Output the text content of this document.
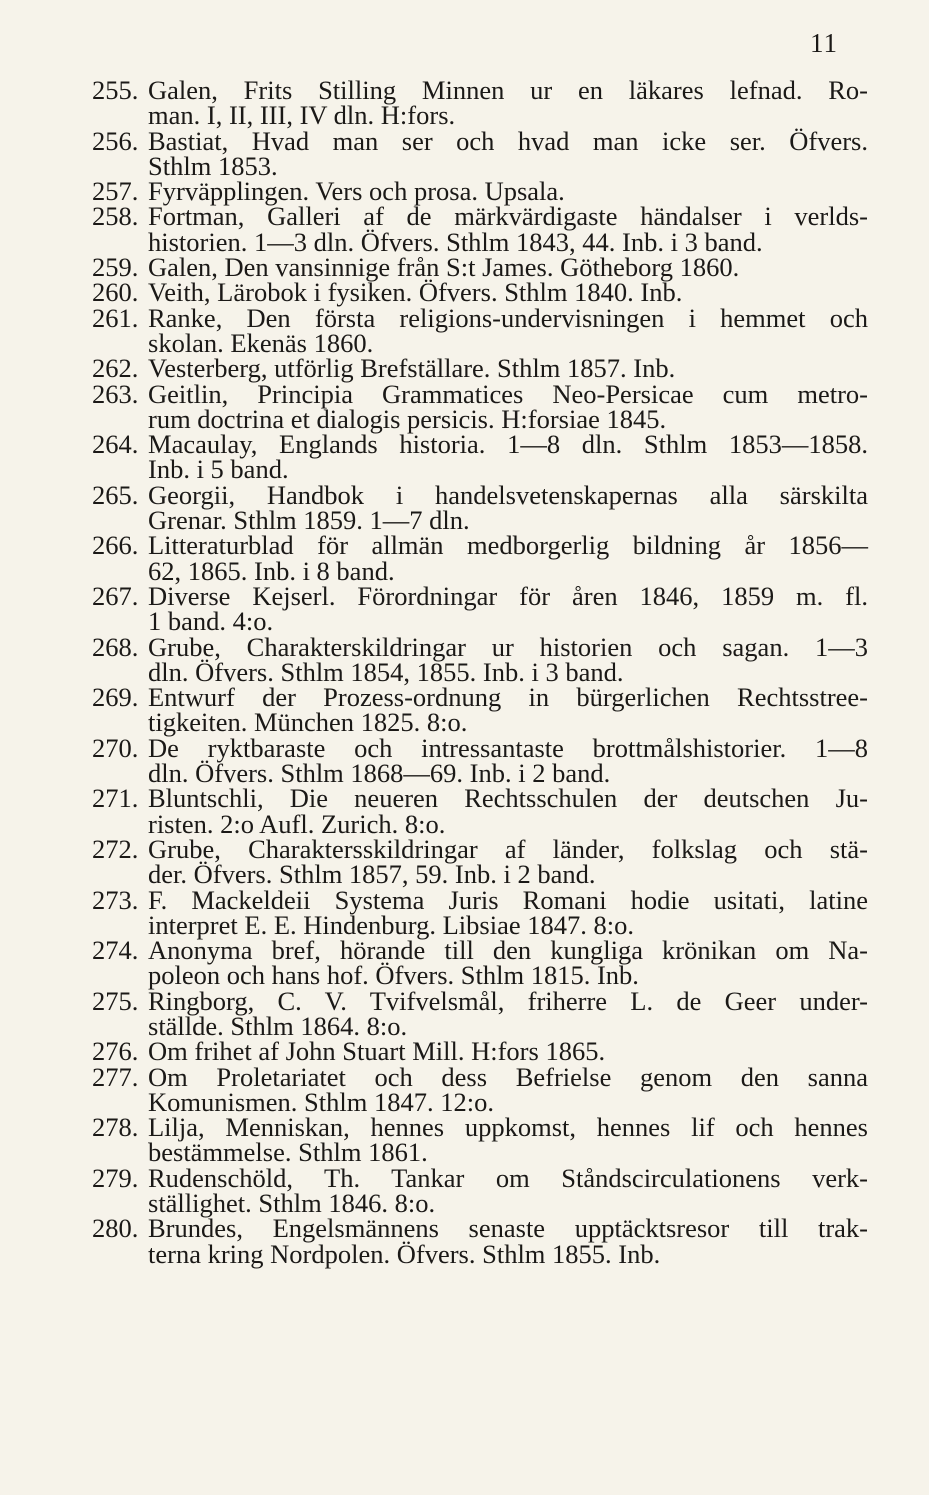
11
255. Galen, Frits Stilling Minnen ur en läkares lefnad. Ro-
man. I, II, III, IV dln. H:fors.
256. Bastiat, Hvad man ser och hvad man icke ser. Öfvers.
Sthlm 1853.
257. Fyrväpplingen. Vers och prosa. Upsala.
258. Fortman, Galleri af de märkvärdigaste händalser i verlds-
historien. 1—3 dln. Öfvers. Sthlm 1843, 44. Inb. i 3 band.
259. Galen, Den vansinnige från S:t James. Götheborg 1860.
260. Veith, Lärobok i fysiken. Öfvers. Sthlm 1840. Inb.
261. Ranke, Den första religions-undervisningen i hemmet och
skolan. Ekenäs 1860.
262. Vesterberg, utförlig Brefställare. Sthlm 1857. Inb.
263. Geitlin, Principia Grammatices Neo-Persicae cum metro-
rum doctrina et dialogis persicis. H:forsiae 1845.
264. Macaulay, Englands historia. 1—8 dln. Sthlm 1853—1858.
Inb. i 5 band.
265. Georgii, Handbok i handelsvetenskapernas alla särskilta
Grenar. Sthlm 1859. 1—7 dln.
266. Litteraturblad för allmän medborgerlig bildning år 1856—
62, 1865. Inb. i 8 band.
267. Diverse Kejserl. Förordningar för åren 1846, 1859 m. fl.
1 band. 4:o.
268. Grube, Charakterskildringar ur historien och sagan. 1—3
dln. Öfvers. Sthlm 1854, 1855. Inb. i 3 band.
269. Entwurf der Prozess-ordnung in bürgerlichen Rechtsstree-
tigkeiten. München 1825. 8:o.
270. De ryktbaraste och intressantaste brottmålshistorier. 1—8
dln. Öfvers. Sthlm 1868—69. Inb. i 2 band.
271. Bluntschli, Die neueren Rechtsschulen der deutschen Ju-
risten. 2:o Aufl. Zurich. 8:o.
272. Grube, Charaktersskildringar af länder, folkslag och stä-
der. Öfvers. Sthlm 1857, 59. Inb. i 2 band.
273. F. Mackeldeii Systema Juris Romani hodie usitati, latine
interpret E. E. Hindenburg. Libsiae 1847. 8:o.
274. Anonyma bref, hörande till den kungliga krönikan om Na-
poleon och hans hof. Öfvers. Sthlm 1815. Inb.
275. Ringborg, C. V. Tvifvelsmål, friherre L. de Geer under-
ställde. Sthlm 1864. 8:o.
276. Om frihet af John Stuart Mill. H:fors 1865.
277. Om Proletariatet och dess Befrielse genom den sanna
Komunismen. Sthlm 1847. 12:o.
278. Lilja, Menniskan, hennes uppkomst, hennes lif och hennes
bestämmelse. Sthlm 1861.
279. Rudenschöld, Th. Tankar om Ståndscirculationens verk-
ställighet. Sthlm 1846. 8:o.
280. Brundes, Engelsmännens senaste upptäcktsresor till trak-
terna kring Nordpolen. Öfvers. Sthlm 1855. Inb.
